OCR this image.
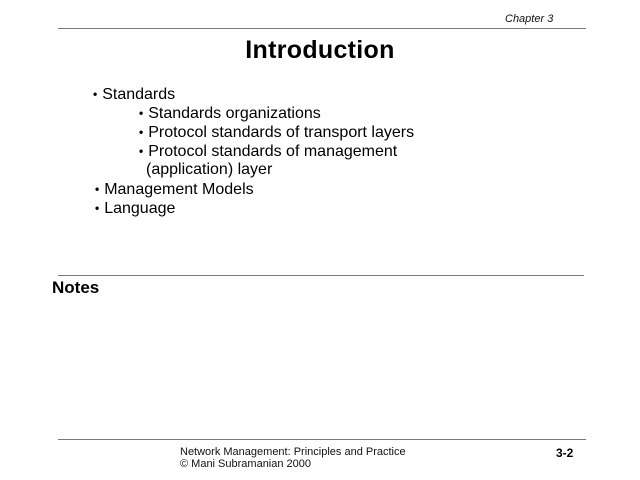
Chapter 3
Introduction
• Standards
• Standards organizations
• Protocol standards of transport layers
• Protocol standards of management
(application) layer
• Management Models
• Language
Notes
Network Management: Principles and Practice
© Mani Subramanian 2000
3-2
